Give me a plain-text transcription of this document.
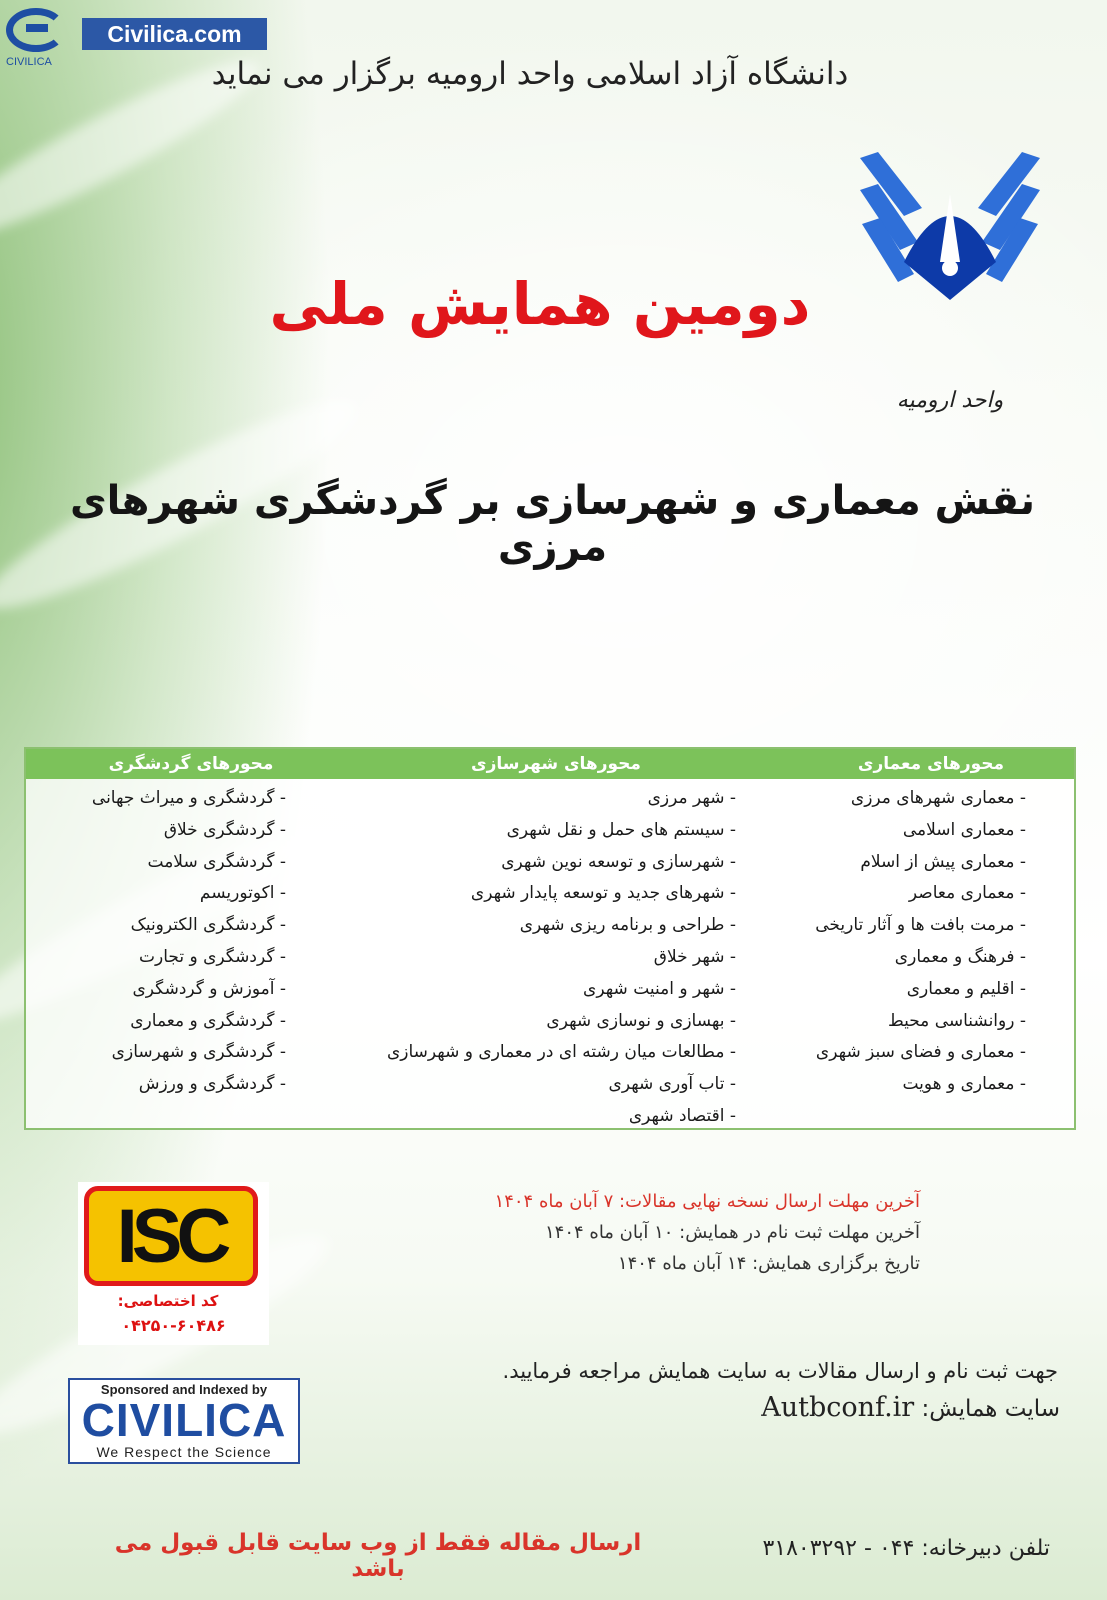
CIVILICA
Civilica.com
دانشگاه آزاد اسلامی واحد ارومیه برگزار می نماید
واحد ارومیه
دومین همایش ملی
نقش معماری و شهرسازی بر گردشگری شهرهای مرزی
محورهای معماری
محورهای شهرسازی
محورهای گردشگری
- معماری شهرهای مرزی
- معماری اسلامی
- معماری پیش از اسلام
- معماری معاصر
- مرمت بافت ها و آثار تاریخی
- فرهنگ و معماری
- اقلیم و معماری
- روانشناسی محیط
- معماری و فضای سبز شهری
- معماری و هویت
- شهر مرزی
- سیستم های حمل و نقل شهری
- شهرسازی و توسعه نوین شهری
- شهرهای جدید و توسعه پایدار شهری
- طراحی و برنامه ریزی شهری
- شهر خلاق
- شهر و امنیت شهری
- بهسازی و نوسازی شهری
- مطالعات میان رشته ای در معماری و شهرسازی
- تاب آوری شهری
- اقتصاد شهری
- گردشگری و میراث جهانی
- گردشگری خلاق
- گردشگری سلامت
- اکوتوریسم
- گردشگری الکترونیک
- گردشگری و تجارت
- آموزش و گردشگری
- گردشگری و معماری
- گردشگری و شهرسازی
- گردشگری و ورزش
آخرین مهلت ارسال نسخه نهایی مقالات: ۷ آبان ماه ۱۴۰۴
آخرین مهلت ثبت نام در همایش: ۱۰ آبان ماه ۱۴۰۴
تاریخ برگزاری همایش: ۱۴ آبان ماه ۱۴۰۴
ISC
کد اختصاصی:
۰۴۲۵۰-۶۰۴۸۶
Sponsored and Indexed by
CIVILICA
We Respect the Science
جهت ثبت نام و ارسال مقالات به سایت همایش مراجعه فرمایید.
سایت همایش: Autbconf.ir
ارسال مقاله فقط از وب سایت قابل قبول می باشد
تلفن دبیرخانه: ۰۴۴ - ۳۱۸۰۳۲۹۲
